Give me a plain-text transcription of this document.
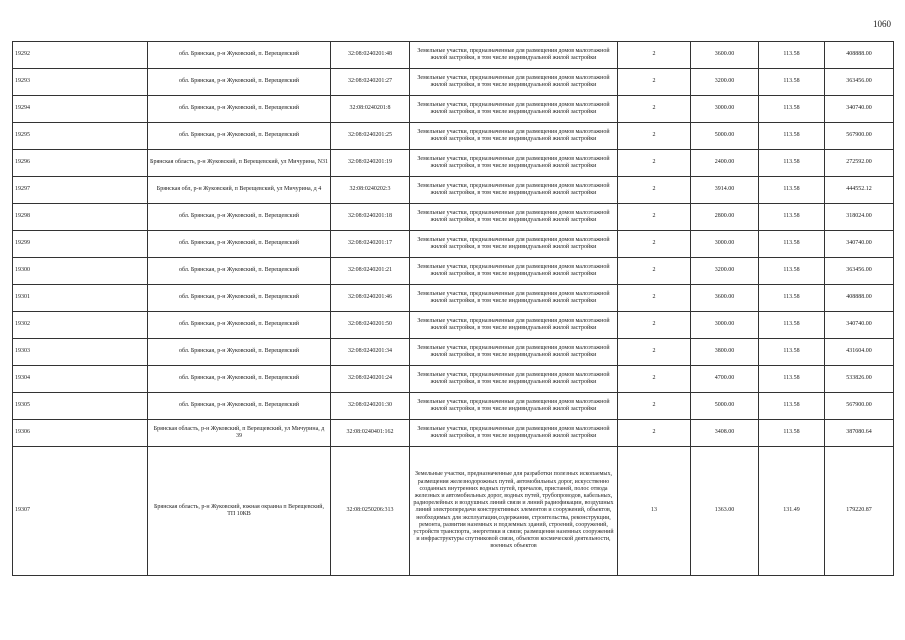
1060
19292	обл. Брянская, р-н Жуковский, п. Верещевский	32:08:0240201:48	Земельные участки, предназначенные для размещения домов малоэтажной жилой застройки, в том числе индивидуальной жилой застройки	2	3600.00	113.58	408888.00
19293	обл. Брянская, р-н Жуковский, п. Верещевский	32:08:0240201:27	Земельные участки, предназначенные для размещения домов малоэтажной жилой застройки, в том числе индивидуальной жилой застройки	2	3200.00	113.58	363456.00
19294	обл. Брянская, р-н Жуковский, п. Верещевский	32:08:0240201:8	Земельные участки, предназначенные для размещения домов малоэтажной жилой застройки, в том числе индивидуальной жилой застройки	2	3000.00	113.58	340740.00
19295	обл. Брянская, р-н Жуковский, п. Верещевский	32:08:0240201:25	Земельные участки, предназначенные для размещения домов малоэтажной жилой застройки, в том числе индивидуальной жилой застройки	2	5000.00	113.58	567900.00
19296	Брянская область, р-н Жуковский, п Верещевский, ул Мичурина, N31	32:08:0240201:19	Земельные участки, предназначенные для размещения домов малоэтажной жилой застройки, в том числе индивидуальной жилой застройки	2	2400.00	113.58	272592.00
19297	Брянская обл, р-н Жуковский, п Верещевский, ул Мичурина, д 4	32:08:0240202:3	Земельные участки, предназначенные для размещения домов малоэтажной жилой застройки, в том числе индивидуальной жилой застройки	2	3914.00	113.58	444552.12
19298	обл. Брянская, р-н Жуковский, п. Верещевский	32:08:0240201:18	Земельные участки, предназначенные для размещения домов малоэтажной жилой застройки, в том числе индивидуальной жилой застройки	2	2800.00	113.58	318024.00
19299	обл. Брянская, р-н Жуковский, п. Верещевский	32:08:0240201:17	Земельные участки, предназначенные для размещения домов малоэтажной жилой застройки, в том числе индивидуальной жилой застройки	2	3000.00	113.58	340740.00
19300	обл. Брянская, р-н Жуковский, п. Верещевский	32:08:0240201:21	Земельные участки, предназначенные для размещения домов малоэтажной жилой застройки, в том числе индивидуальной жилой застройки	2	3200.00	113.58	363456.00
19301	обл. Брянская, р-н Жуковский, п. Верещевский	32:08:0240201:46	Земельные участки, предназначенные для размещения домов малоэтажной жилой застройки, в том числе индивидуальной жилой застройки	2	3600.00	113.58	408888.00
19302	обл. Брянская, р-н Жуковский, п. Верещевский	32:08:0240201:50	Земельные участки, предназначенные для размещения домов малоэтажной жилой застройки, в том числе индивидуальной жилой застройки	2	3000.00	113.58	340740.00
19303	обл. Брянская, р-н Жуковский, п. Верещевский	32:08:0240201:34	Земельные участки, предназначенные для размещения домов малоэтажной жилой застройки, в том числе индивидуальной жилой застройки	2	3800.00	113.58	431604.00
19304	обл. Брянская, р-н Жуковский, п. Верещевский	32:08:0240201:24	Земельные участки, предназначенные для размещения домов малоэтажной жилой застройки, в том числе индивидуальной жилой застройки	2	4700.00	113.58	533826.00
19305	обл. Брянская, р-н Жуковский, п. Верещевский	32:08:0240201:30	Земельные участки, предназначенные для размещения домов малоэтажной жилой застройки, в том числе индивидуальной жилой застройки	2	5000.00	113.58	567900.00
19306	Брянская область, р-н Жуковский, п Верещевский, ул Мичурина, д 39	32:08:0240401:162	Земельные участки, предназначенные для размещения домов малоэтажной жилой застройки, в том числе индивидуальной жилой застройки	2	3408.00	113.58	387080.64
19307	Брянская область, р-н Жуковский, южная окраина п Верещевский, ТП 10КВ	32:08:0250206:313	Земельные участки, предназначенные для разработки полезных ископаемых, размещения железнодорожных путей, автомобильных дорог, искусственно созданных внутренних водных путей, причалов, пристаней, полос отвода железных и автомобильных дорог, водных путей, трубопроводов, кабельных, радиорелейных и воздушных линий связи и линий радиофикации, воздушных линий электропередачи конструктивных элементов и сооружений, объектов, необходимых для эксплуатации,содержания, строительства, реконструкции, ремонта, развития наземных и подземных зданий, строений, сооружений, устройств транспорта, энергетики и связи; размещения наземных сооружений и инфраструктуры спутниковой связи, объектов космической деятельности, военных объектов	13	1363.00	131.49	179220.87
